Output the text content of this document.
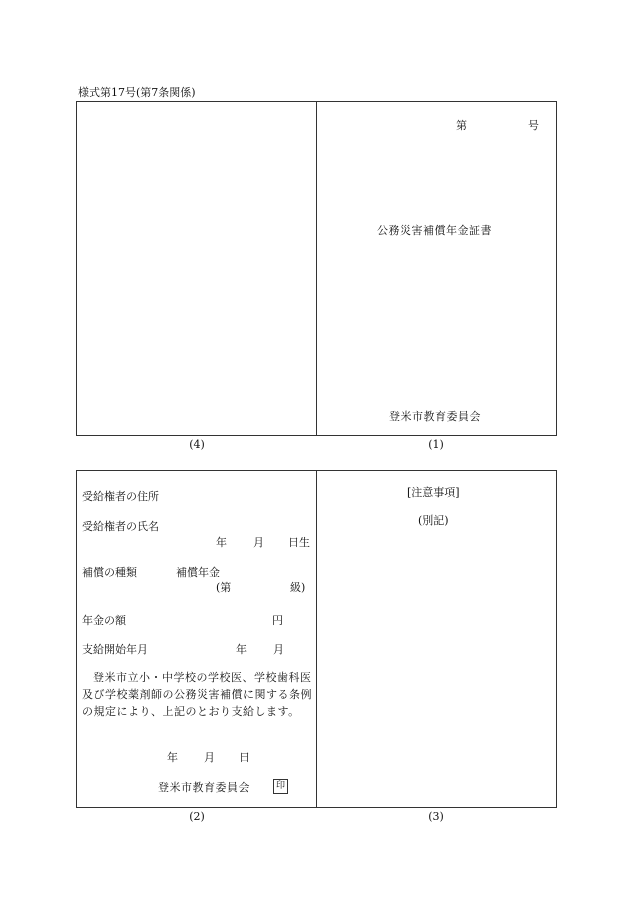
様式第17号(第7条関係)
第	号
公務災害補償年金証書
登米市教育委員会
(4)	(1)
受給権者の住所
受給権者の氏名
年 月 日生
補償の種類	補償年金
(第	級)
年金の額	円
支給開始年月	年 月
登米市立小・中学校の学校医、学校歯科医及び学校薬剤師の公務災害補償に関する条例の規定により、上記のとおり支給します。
年 月 日
登米市教育委員会	印
[注意事項]
(別記)
(2)	(3)
